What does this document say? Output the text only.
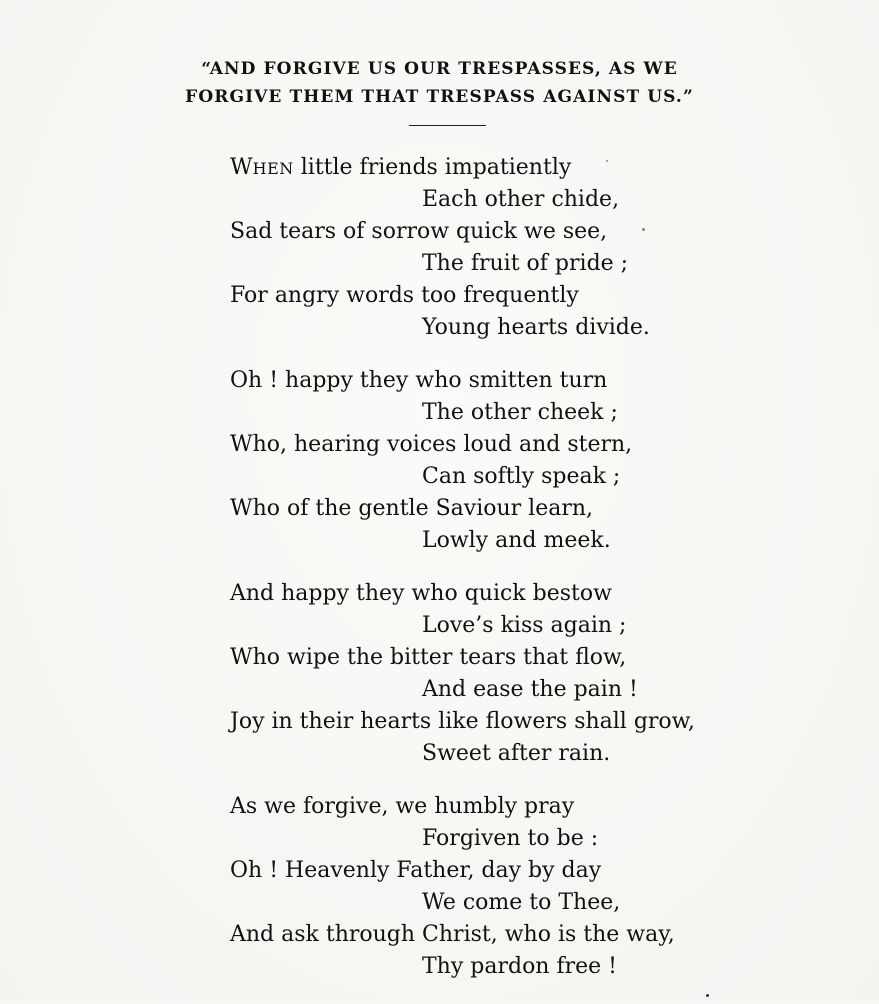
“AND FORGIVE US OUR TRESPASSES, AS WE
FORGIVE THEM THAT TRESPASS AGAINST US.”
WHEN little friends impatiently
Each other chide,
Sad tears of sorrow quick we see,
The fruit of pride ;
For angry words too frequently
Young hearts divide.
Oh ! happy they who smitten turn
The other cheek ;
Who, hearing voices loud and stern,
Can softly speak ;
Who of the gentle Saviour learn,
Lowly and meek.
And happy they who quick bestow
Love’s kiss again ;
Who wipe the bitter tears that flow,
And ease the pain !
Joy in their hearts like flowers shall grow,
Sweet after rain.
As we forgive, we humbly pray
Forgiven to be :
Oh ! Heavenly Father, day by day
We come to Thee,
And ask through Christ, who is the way,
Thy pardon free !
